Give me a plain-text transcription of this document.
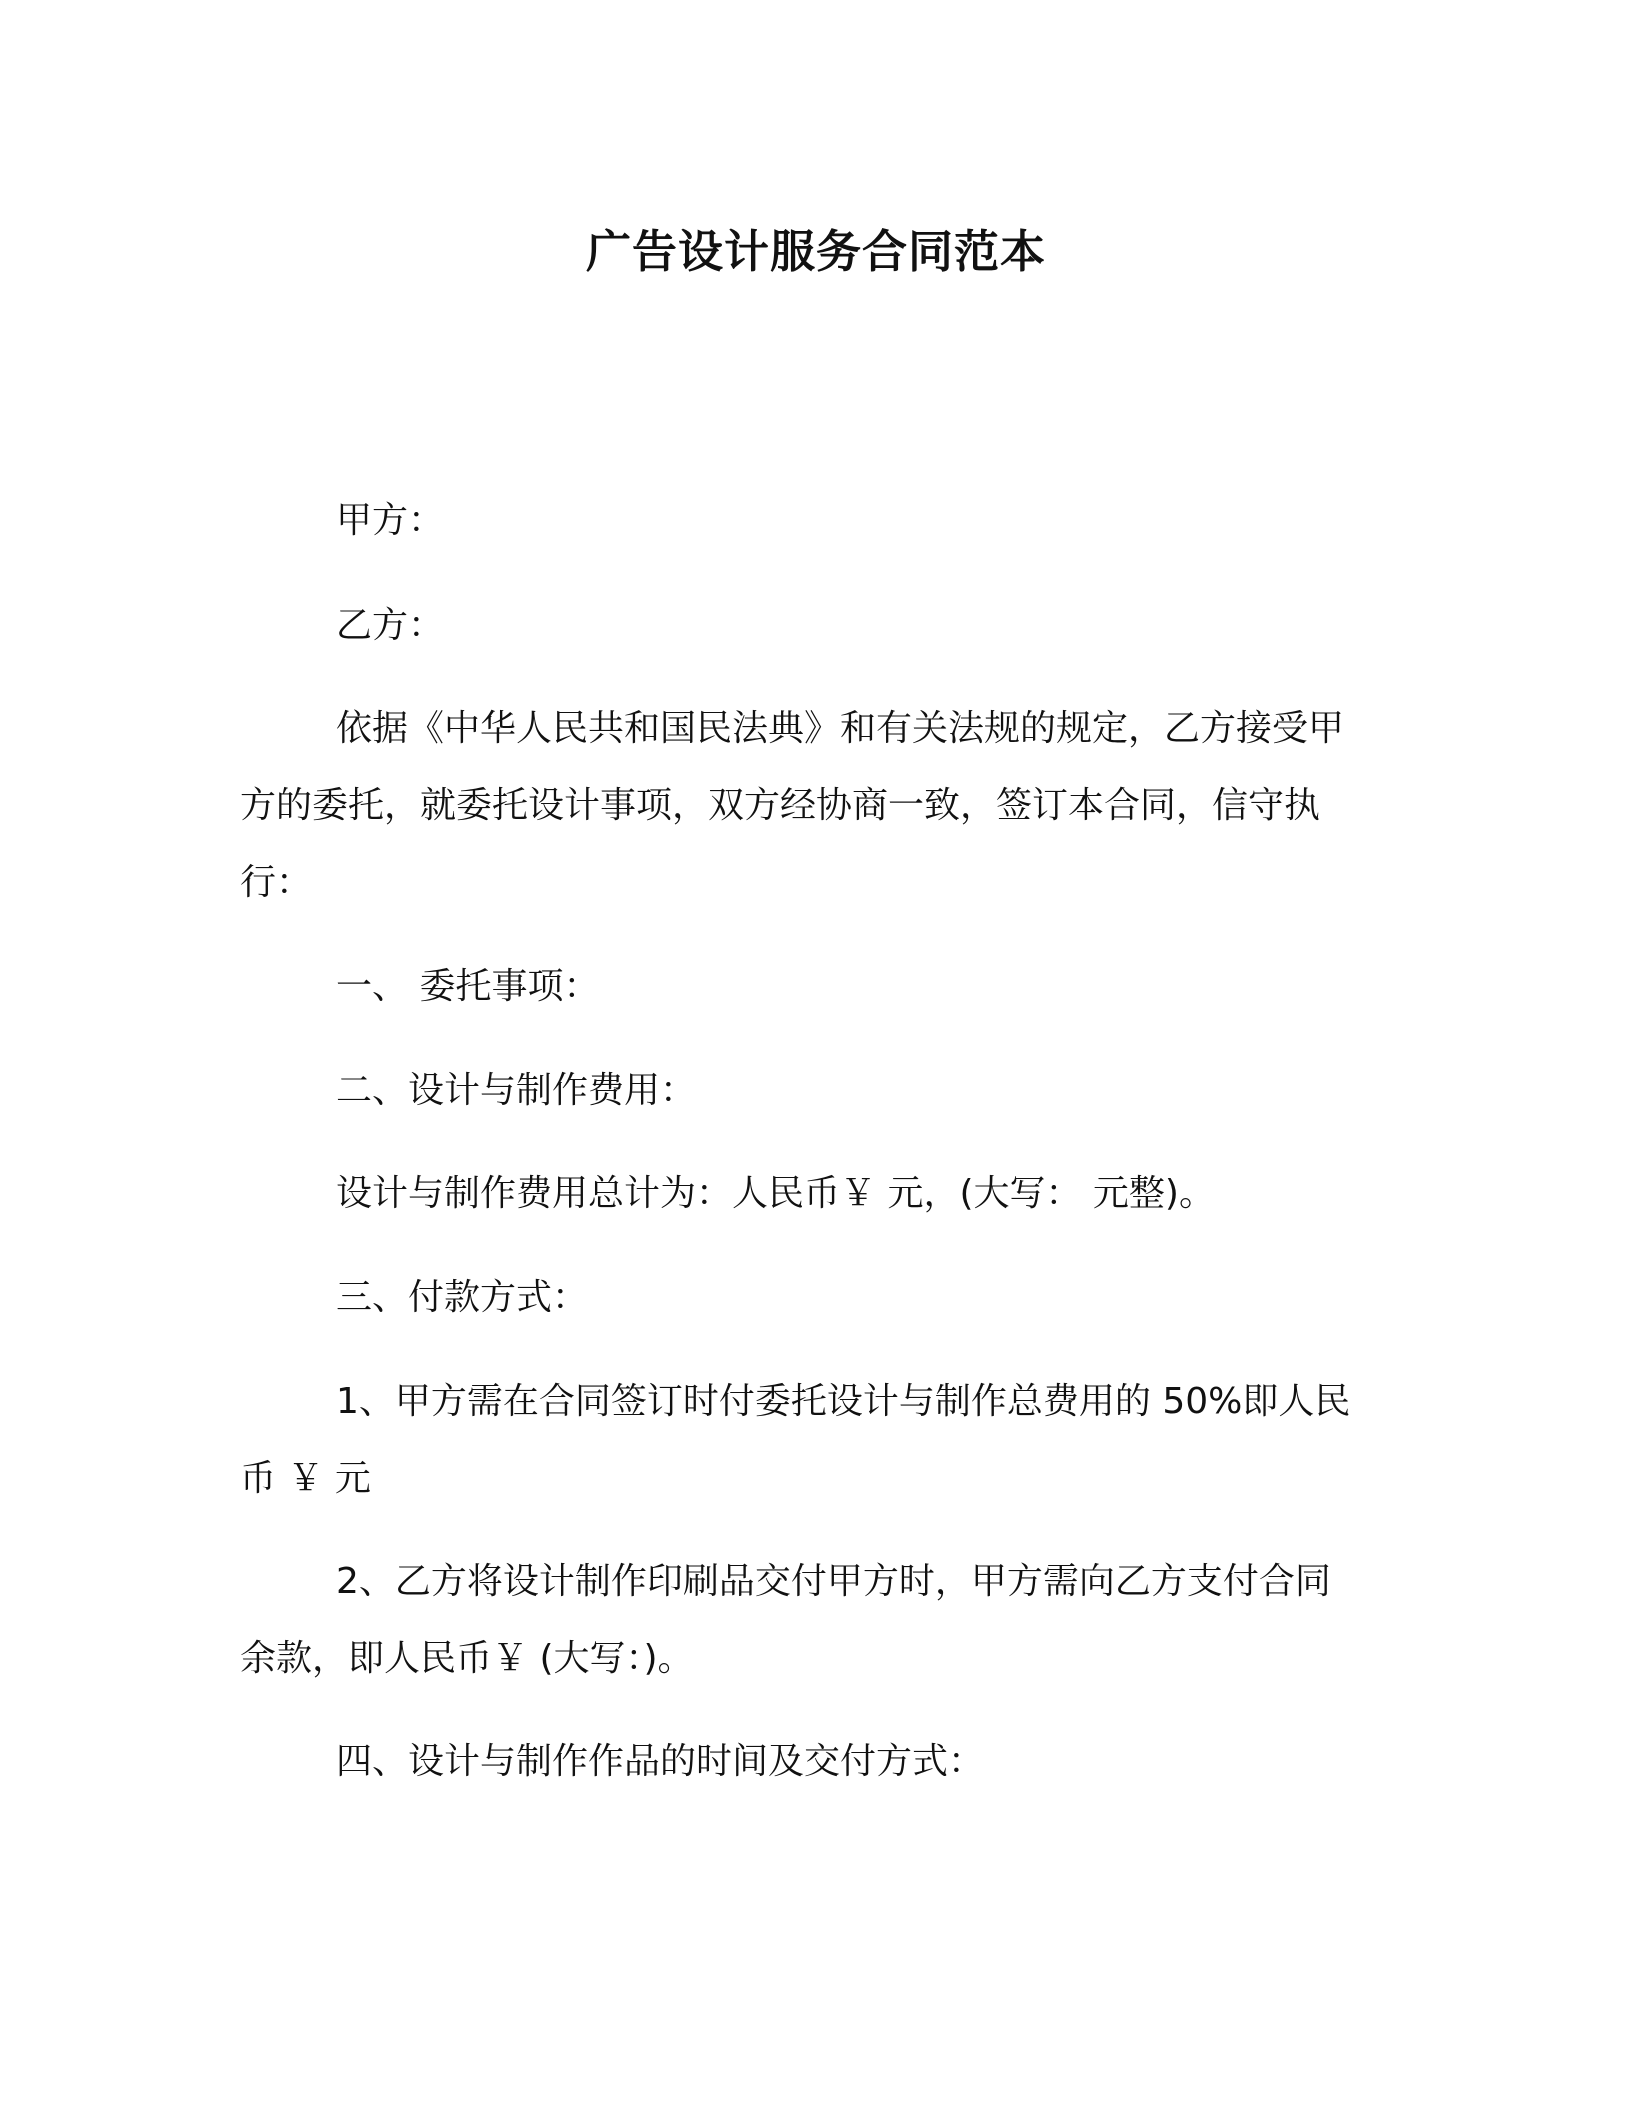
广告设计服务合同范本

甲方：

乙方：

依据《中华人民共和国民法典》和有关法规的规定，乙方接受甲
方的委托，就委托设计事项，双方经协商一致，签订本合同，信守执
行：

一、 委托事项：

二、设计与制作费用：

设计与制作费用总计为：人民币￥ 元，(大写： 元整)。

三、付款方式：

1、甲方需在合同签订时付委托设计与制作总费用的 50%即人民
币 ￥ 元

2、乙方将设计制作印刷品交付甲方时，甲方需向乙方支付合同
余款，即人民币￥ (大写：)。

四、设计与制作作品的时间及交付方式：
